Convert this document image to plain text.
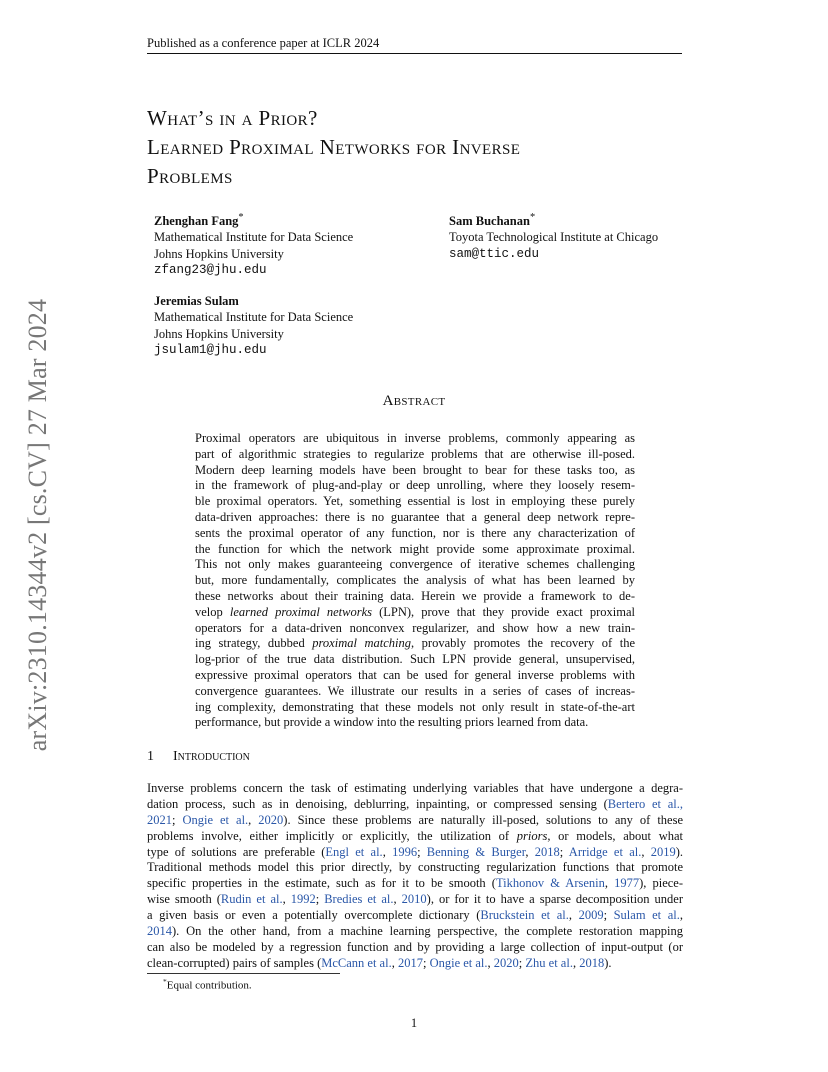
Published as a conference paper at ICLR 2024
arXiv:2310.14344v2 [cs.CV] 27 Mar 2024
What’s in a Prior?
Learned Proximal Networks for Inverse
Problems
Zhenghan Fang*
Mathematical Institute for Data Science
Johns Hopkins University
zfang23@jhu.edu
Sam Buchanan*
Toyota Technological Institute at Chicago
sam@ttic.edu
Jeremias Sulam
Mathematical Institute for Data Science
Johns Hopkins University
jsulam1@jhu.edu
Abstract
Proximal operators are ubiquitous in inverse problems, commonly appearing as
part of algorithmic strategies to regularize problems that are otherwise ill-posed.
Modern deep learning models have been brought to bear for these tasks too, as
in the framework of plug-and-play or deep unrolling, where they loosely resem-
ble proximal operators. Yet, something essential is lost in employing these purely
data-driven approaches: there is no guarantee that a general deep network repre-
sents the proximal operator of any function, nor is there any characterization of
the function for which the network might provide some approximate proximal.
This not only makes guaranteeing convergence of iterative schemes challenging
but, more fundamentally, complicates the analysis of what has been learned by
these networks about their training data. Herein we provide a framework to de-
velop learned proximal networks (LPN), prove that they provide exact proximal
operators for a data-driven nonconvex regularizer, and show how a new train-
ing strategy, dubbed proximal matching, provably promotes the recovery of the
log-prior of the true data distribution. Such LPN provide general, unsupervised,
expressive proximal operators that can be used for general inverse problems with
convergence guarantees. We illustrate our results in a series of cases of increas-
ing complexity, demonstrating that these models not only result in state-of-the-art
performance, but provide a window into the resulting priors learned from data.
1 Introduction
Inverse problems concern the task of estimating underlying variables that have undergone a degra-
dation process, such as in denoising, deblurring, inpainting, or compressed sensing (Bertero et al.,
2021; Ongie et al., 2020). Since these problems are naturally ill-posed, solutions to any of these
problems involve, either implicitly or explicitly, the utilization of priors, or models, about what
type of solutions are preferable (Engl et al., 1996; Benning & Burger, 2018; Arridge et al., 2019).
Traditional methods model this prior directly, by constructing regularization functions that promote
specific properties in the estimate, such as for it to be smooth (Tikhonov & Arsenin, 1977), piece-
wise smooth (Rudin et al., 1992; Bredies et al., 2010), or for it to have a sparse decomposition under
a given basis or even a potentially overcomplete dictionary (Bruckstein et al., 2009; Sulam et al.,
2014). On the other hand, from a machine learning perspective, the complete restoration mapping
can also be modeled by a regression function and by providing a large collection of input-output (or
clean-corrupted) pairs of samples (McCann et al., 2017; Ongie et al., 2020; Zhu et al., 2018).
*Equal contribution.
1
